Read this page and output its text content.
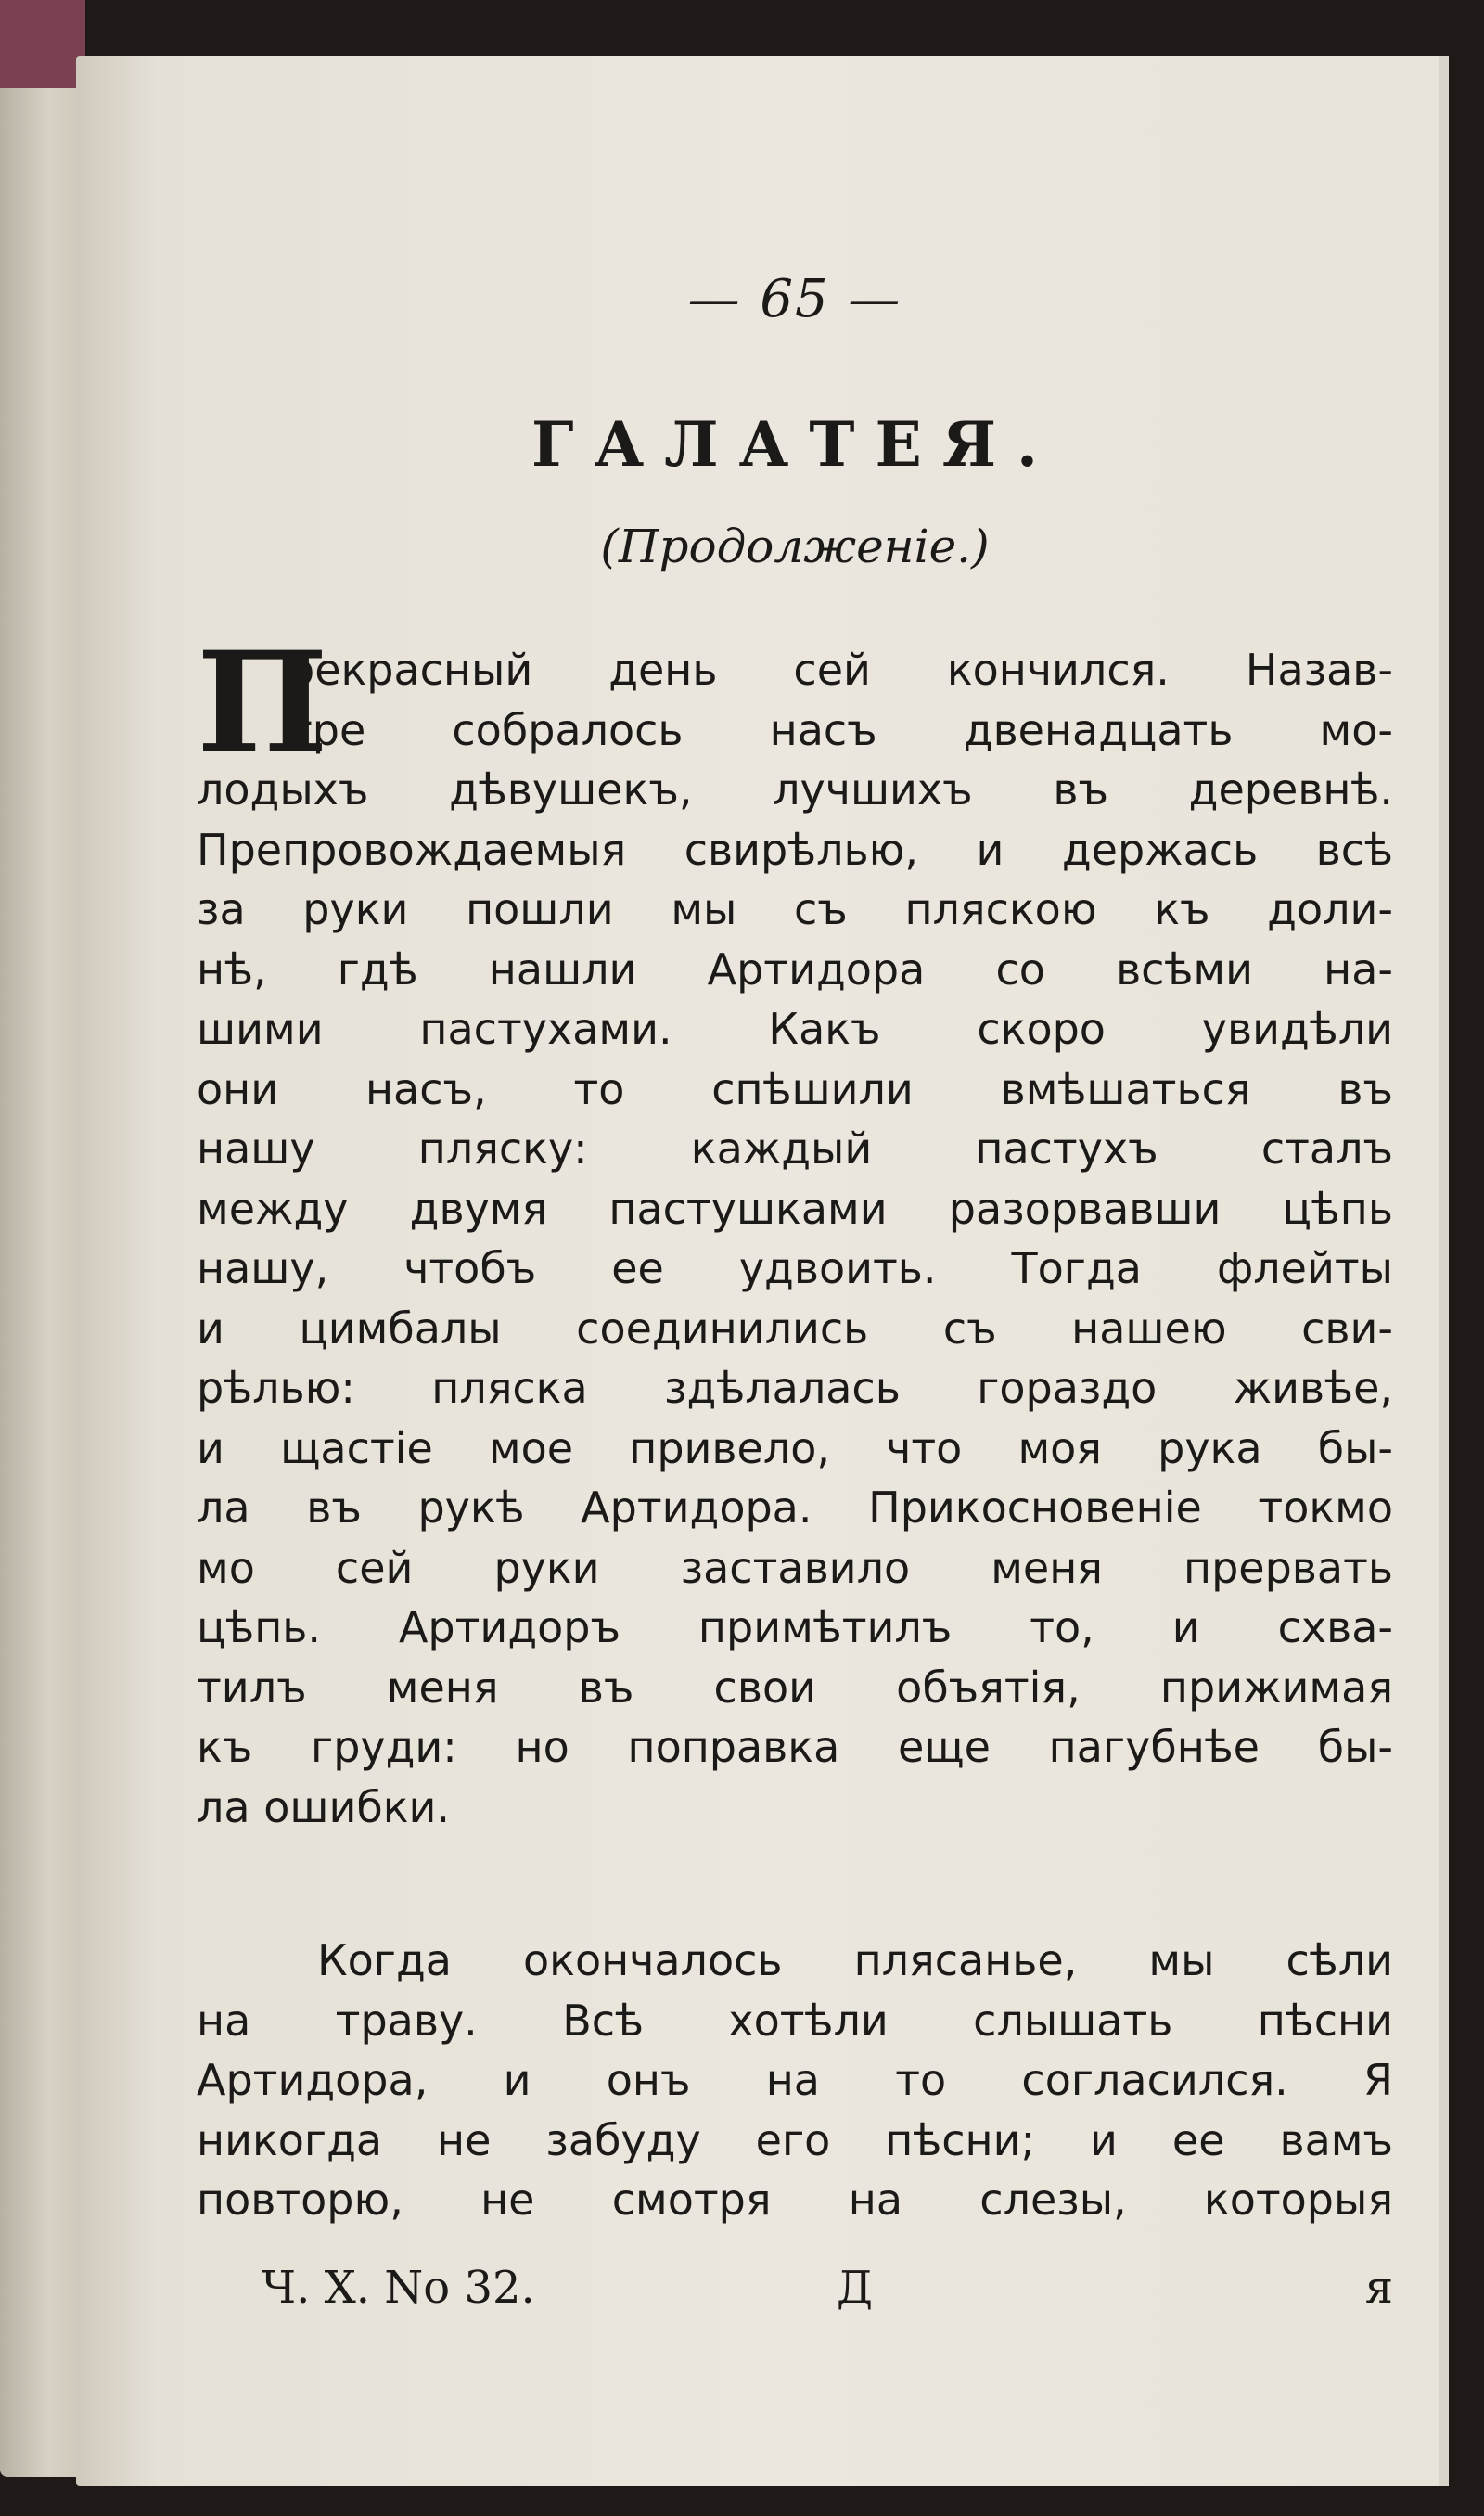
— 65 —
ГАЛАТЕЯ.
(Продолженіе.)
П
рекрасный день сей кончился. Назав-
тре собралось насъ двенадцать мо-
лодыхъ дѣвушекъ, лучшихъ въ деревнѣ.
Препровождаемыя свирѣлью, и держась всѣ
за руки пошли мы съ пляскою къ доли-
нѣ, гдѣ нашли Артидора со всѣми на-
шими пастухами. Какъ скоро увидѣли
они насъ, то спѣшили вмѣшаться въ
нашу пляску: каждый пастухъ сталъ
между двумя пастушками разорвавши цѣпь
нашу, чтобъ ее удвоить. Тогда флейты
и цимбалы соединились съ нашею сви-
рѣлью: пляска здѣлалась гораздо живѣе,
и щастіе мое привело, что моя рука бы-
ла въ рукѣ Артидора. Прикосновеніе токмо
мо сей руки заставило меня прервать
цѣпь. Артидоръ примѣтилъ то, и схва-
тилъ меня въ свои объятія, прижимая
къ груди: но поправка еще пагубнѣе бы-
ла ошибки.
Когда окончалось плясанье, мы сѣли
на траву. Всѣ хотѣли слышать пѣсни
Артидора, и онъ на то согласился. Я
никогда не забуду его пѣсни; и ее вамъ
повторю, не смотря на слезы, которыя
Ч. X. No 32.	Д	я
